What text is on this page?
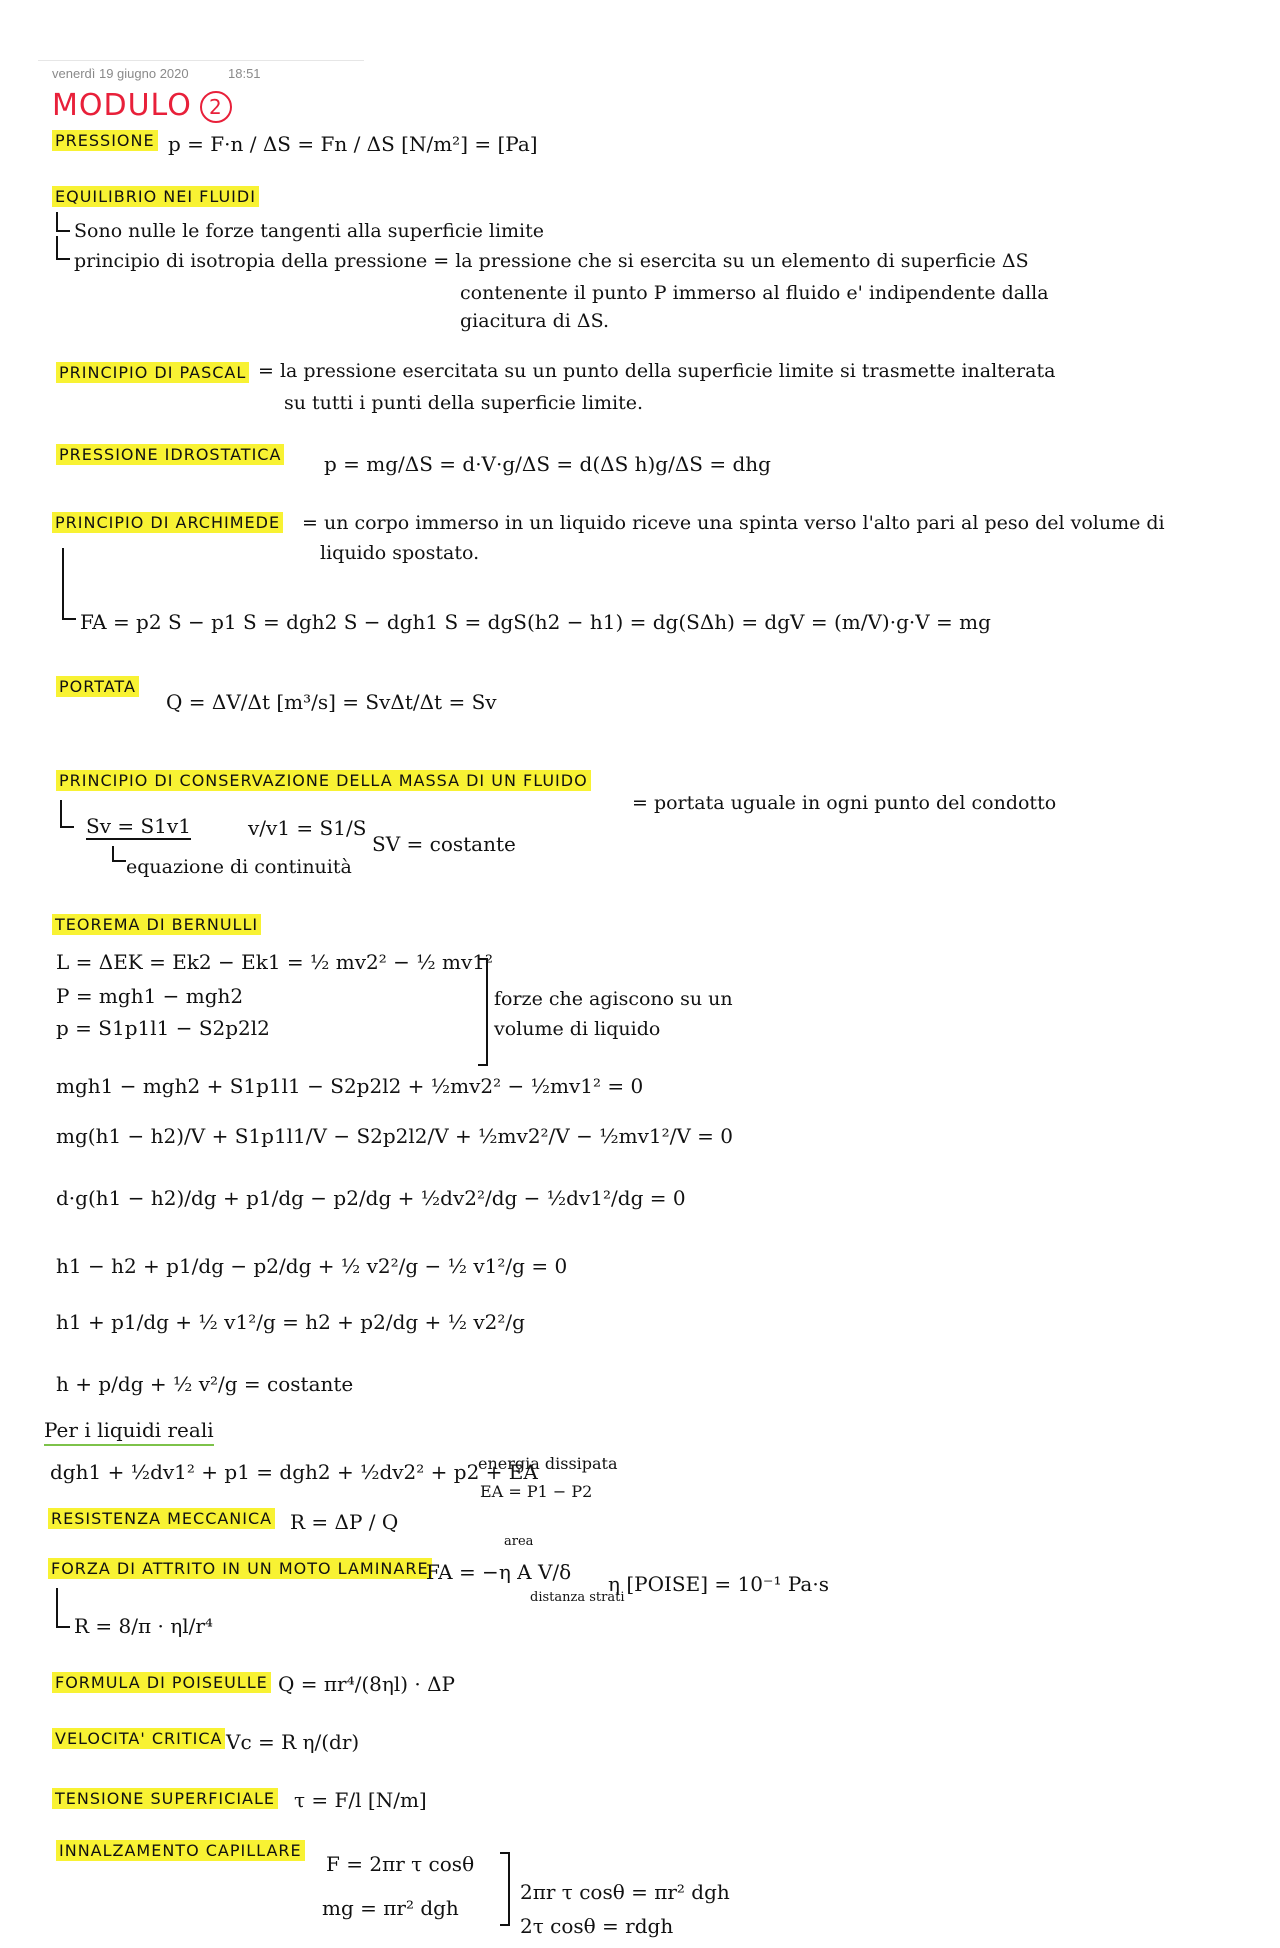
venerdì 19 giugno 2020	18:51
MODULO 2
PRESSIONE p = F·n / ΔS = Fn / ΔS [N/m²] = [Pa]
EQUILIBRIO NEI FLUIDI
Sono nulle le forze tangenti alla superficie limite
principio di isotropia della pressione = la pressione che si esercita su un elemento di superficie ΔS
contenente il punto P immerso al fluido e' indipendente dalla
giacitura di ΔS.
PRINCIPIO DI PASCAL = la pressione esercitata su un punto della superficie limite si trasmette inalterata
su tutti i punti della superficie limite.
PRESSIONE IDROSTATICA p = mg/ΔS = d·V·g/ΔS = d(ΔS h)g/ΔS = dhg
PRINCIPIO DI ARCHIMEDE = un corpo immerso in un liquido riceve una spinta verso l'alto pari al peso del volume di
liquido spostato.
FA = p2 S − p1 S = dgh2 S − dgh1 S = dgS(h2 − h1) = dg(SΔh) = dgV = (m/V)·g·V = mg
PORTATA
Q = ΔV/Δt [m³/s] = SvΔt/Δt = Sv
PRINCIPIO DI CONSERVAZIONE DELLA MASSA DI UN FLUIDO
= portata uguale in ogni punto del condotto
Sv = S1v1	v/v1 = S1/S
SV = costante
equazione di continuità
TEOREMA DI BERNULLI
L = ΔEK = Ek2 − Ek1 = ½ mv2² − ½ mv1²
P = mgh1 − mgh2
p = S1p1l1 − S2p2l2
forze che agiscono su un
volume di liquido
mgh1 − mgh2 + S1p1l1 − S2p2l2 + ½mv2² − ½mv1² = 0
mg(h1 − h2)/V + S1p1l1/V − S2p2l2/V + ½mv2²/V − ½mv1²/V = 0
d·g(h1 − h2)/dg + p1/dg − p2/dg + ½dv2²/dg − ½dv1²/dg = 0
h1 − h2 + p1/dg − p2/dg + ½ v2²/g − ½ v1²/g = 0
h1 + p1/dg + ½ v1²/g = h2 + p2/dg + ½ v2²/g
h + p/dg + ½ v²/g = costante
Per i liquidi reali
dgh1 + ½dv1² + p1 = dgh2 + ½dv2² + p2 + EA
energia dissipata
EA = P1 − P2
RESISTENZA MECCANICA R = ΔP / Q
FORZA DI ATTRITO IN UN MOTO LAMINARE
area
FA = −η A V/δ
distanza strati
η [POISE] = 10⁻¹ Pa·s
R = 8/π · ηl/r⁴
FORMULA DI POISEULLE Q = πr⁴/(8ηl) · ΔP
VELOCITA' CRITICA Vc = R η/(dr)
TENSIONE SUPERFICIALE τ = F/l [N/m]
INNALZAMENTO CAPILLARE
F = 2πr τ cosθ
mg = πr² dgh
2πr τ cosθ = πr² dgh
2τ cosθ = rdgh
